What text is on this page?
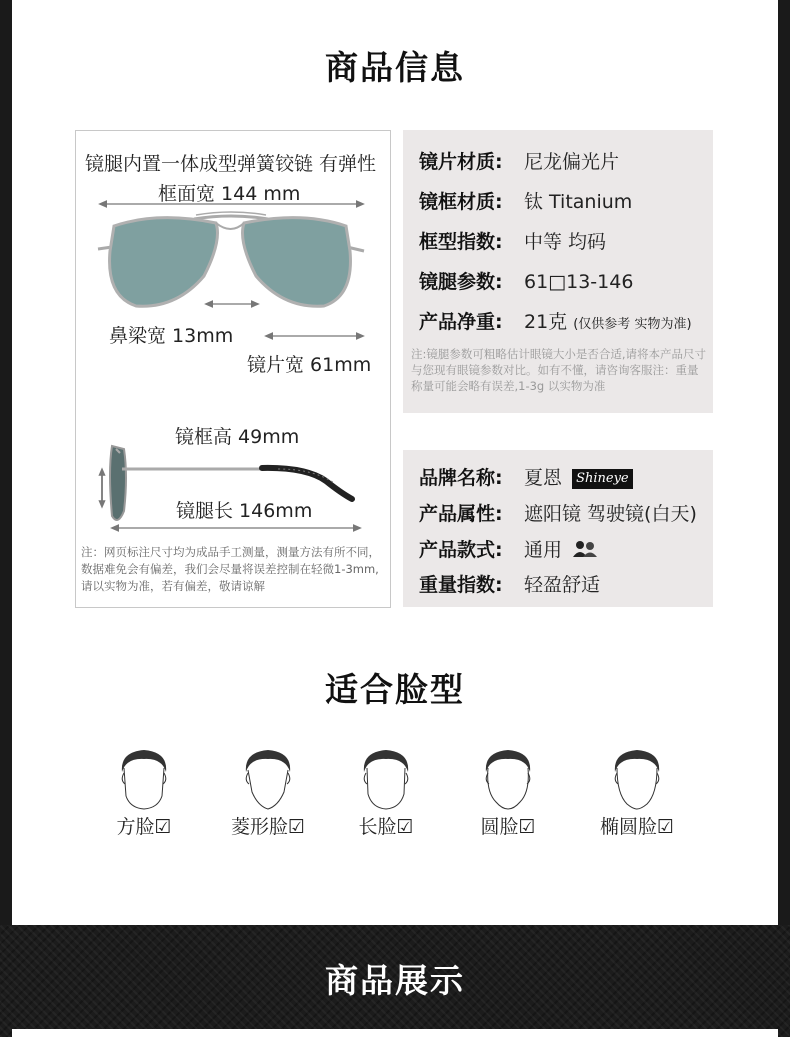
商品信息
镜腿内置一体成型弹簧铰链 有弹性
框面宽 144 mm
鼻梁宽 13mm
镜片宽 61mm
镜框高 49mm
镜腿长 146mm
注：网页标注尺寸均为成品手工测量，测量方法有所不同，数据难免会有偏差，我们会尽量将误差控制在轻微1-3mm,请以实物为准，若有偏差，敬请谅解
镜片材质: 尼龙偏光片
镜框材质: 钛 Titanium
框型指数: 中等 均码
镜腿参数: 61□13-146
产品净重: 21克 (仅供参考 实物为准)
注:镜腿参数可粗略估计眼镜大小是否合适,请将本产品尺寸与您现有眼镜参数对比。如有不懂，请咨询客服注：重量称量可能会略有误差,1-3g 以实物为准
品牌名称: 夏恩 Shineye
产品属性: 遮阳镜 驾驶镜(白天)
产品款式: 通用
重量指数: 轻盈舒适
适合脸型
方脸☑	菱形脸☑	长脸☑	圆脸☑	椭圆脸☑
商品展示
